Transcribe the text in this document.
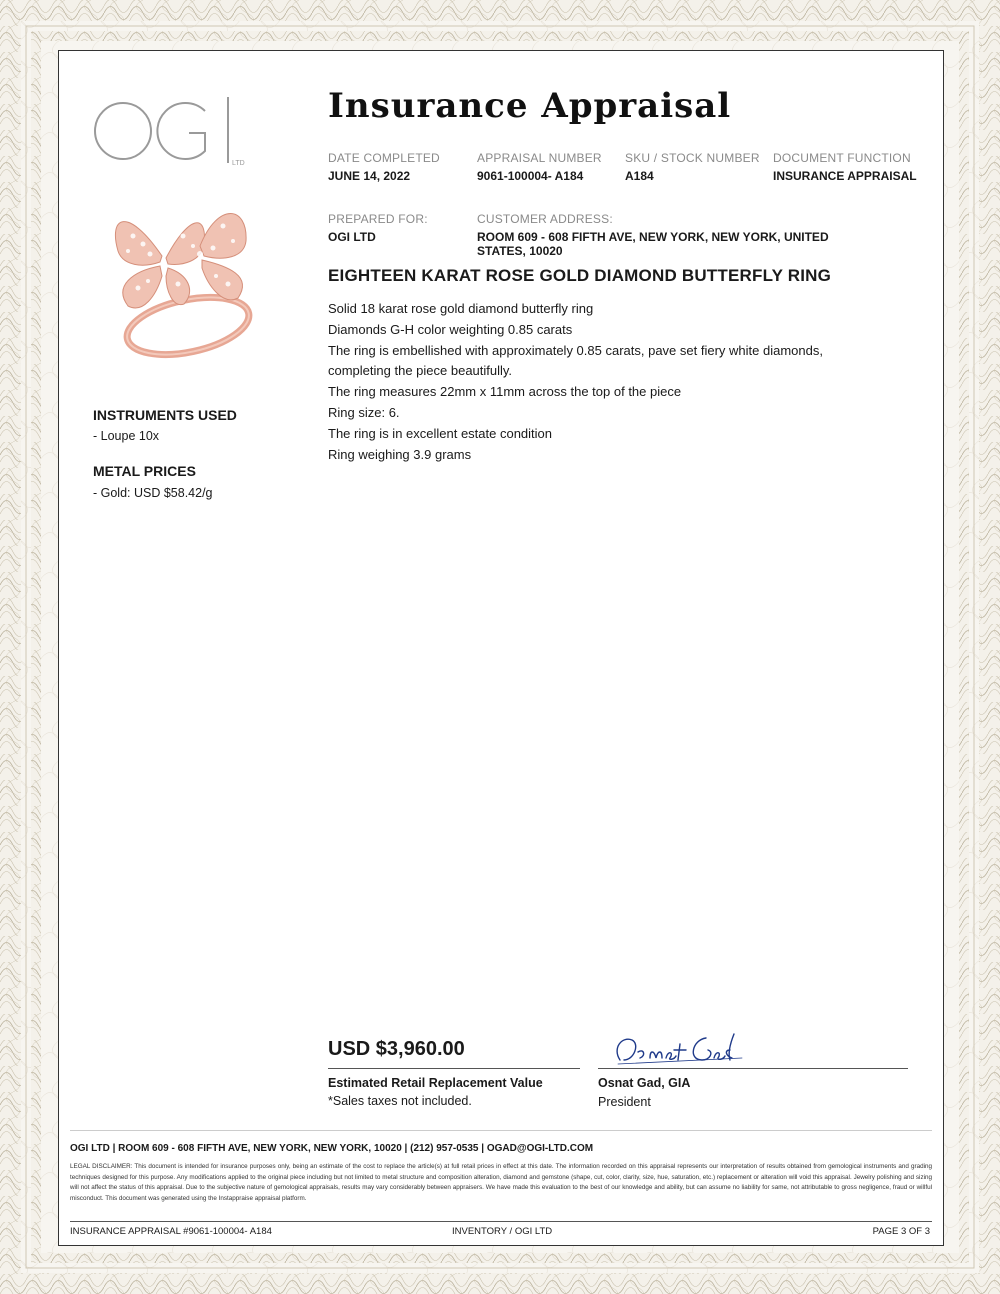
LTD
Insurance Appraisal
DATE COMPLETED
JUNE 14, 2022
APPRAISAL NUMBER
9061-100004- A184
SKU / STOCK NUMBER
A184
DOCUMENT FUNCTION
INSURANCE APPRAISAL
PREPARED FOR:
OGI LTD
CUSTOMER ADDRESS:
ROOM 609 - 608 FIFTH AVE, NEW YORK, NEW YORK, UNITED
STATES, 10020
INSTRUMENTS USED
- Loupe 10x
METAL PRICES
- Gold: USD $58.42/g
EIGHTEEN KARAT ROSE GOLD DIAMOND BUTTERFLY RING
Solid 18 karat rose gold diamond butterfly ring
Diamonds G-H color weighting 0.85 carats
The ring is embellished with approximately 0.85 carats, pave set fiery white diamonds,
completing the piece beautifully.
The ring measures 22mm x 11mm across the top of the piece
Ring size: 6.
The ring is in excellent estate condition
Ring weighing 3.9 grams
USD $3,960.00
Estimated Retail Replacement Value
*Sales taxes not included.
Osnat Gad, GIA
President
OGI LTD | ROOM 609 - 608 FIFTH AVE, NEW YORK, NEW YORK, 10020 | (212) 957-0535 | OGAD@OGI-LTD.COM
LEGAL DISCLAIMER: This document is intended for insurance purposes only, being an estimate of the cost to replace the article(s) at full retail prices in effect at this date. The information recorded on this appraisal represents our interpretation of results obtained from gemological instruments and grading techniques designed for this purpose. Any modifications applied to the original piece including but not limited to metal structure and composition alteration, diamond and gemstone (shape, cut, color, clarity, size, hue, saturation, etc.) replacement or alteration will void this appraisal. Jewelry polishing and sizing will not affect the status of this appraisal. Due to the subjective nature of gemological appraisals, results may vary considerably between appraisers. We have made this evaluation to the best of our knowledge and ability, but can assume no liability for same, not attributable to gross negligence, fraud or willful misconduct. This document was generated using the Instappraise appraisal platform.
INSURANCE APPRAISAL #9061-100004- A184	INVENTORY / OGI LTD	PAGE 3 OF 3
